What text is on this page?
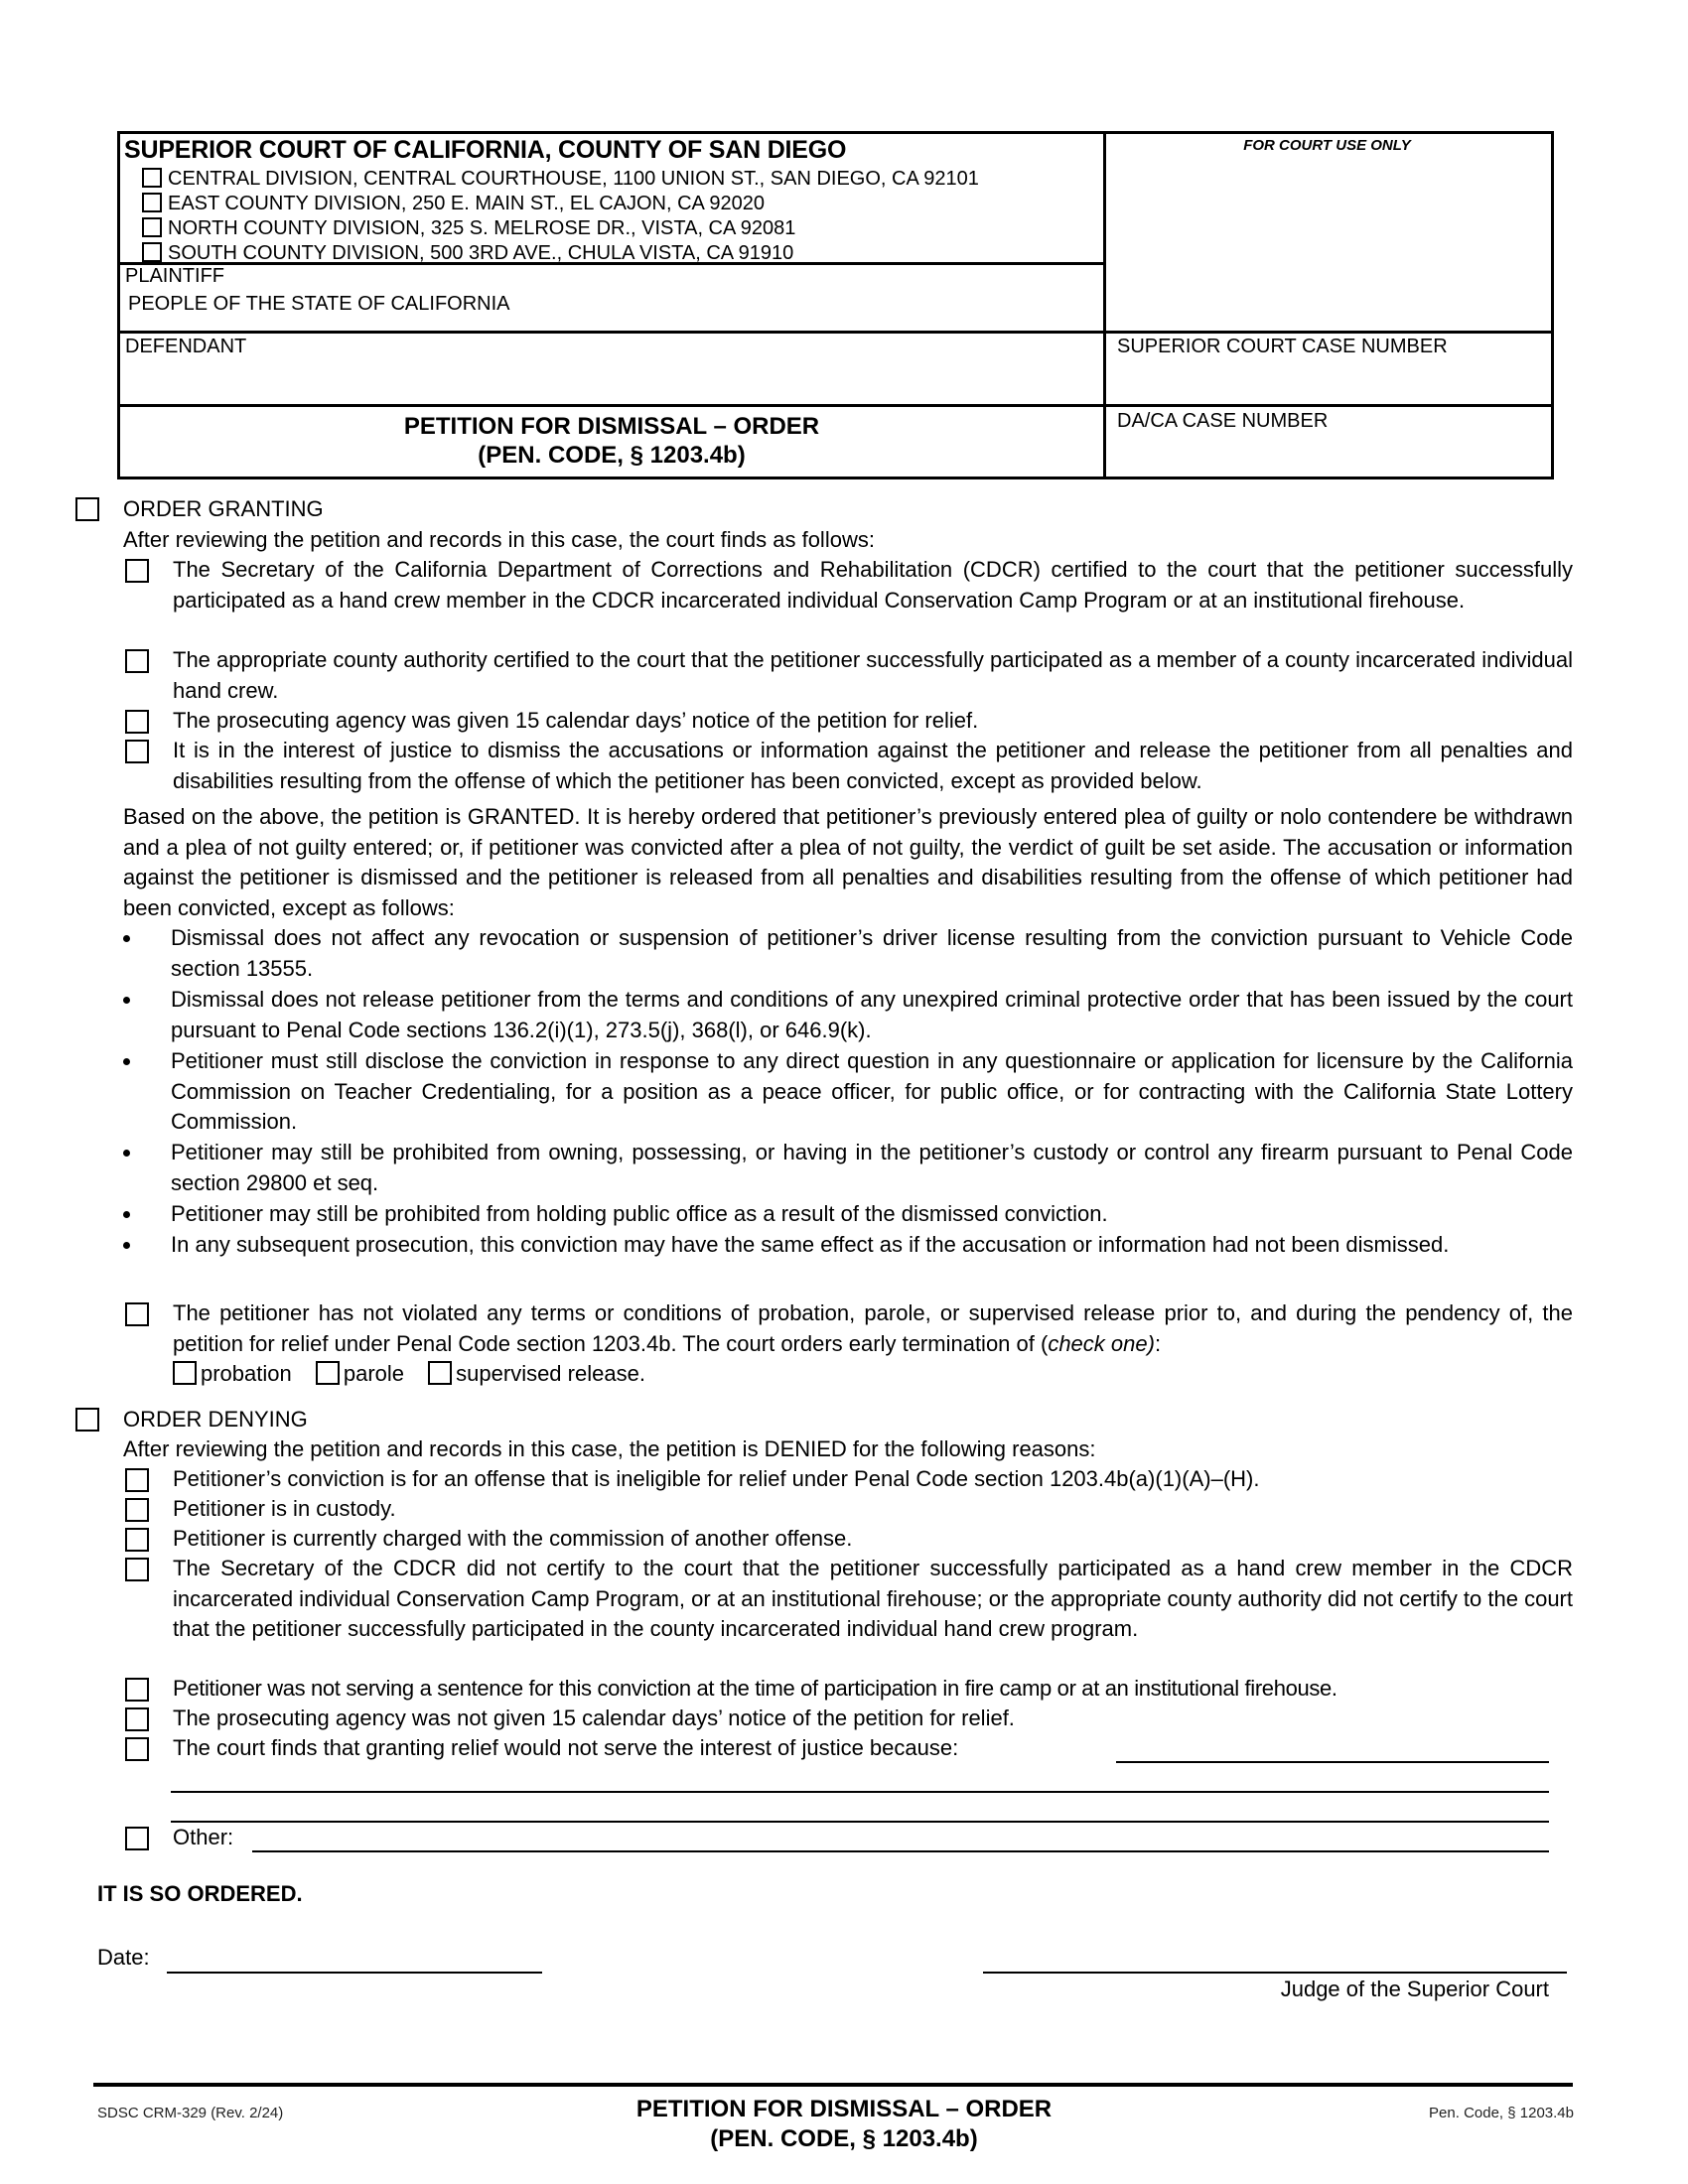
SUPERIOR COURT OF CALIFORNIA, COUNTY OF SAN DIEGO
CENTRAL DIVISION, CENTRAL COURTHOUSE, 1100 UNION ST., SAN DIEGO, CA 92101
EAST COUNTY DIVISION, 250 E. MAIN ST., EL CAJON, CA 92020
NORTH COUNTY DIVISION, 325 S. MELROSE DR., VISTA, CA 92081
SOUTH COUNTY DIVISION, 500 3RD AVE., CHULA VISTA, CA 91910
PLAINTIFF
PEOPLE OF THE STATE OF CALIFORNIA
DEFENDANT
PETITION FOR DISMISSAL – ORDER
(PEN. CODE, § 1203.4b)
FOR COURT USE ONLY
SUPERIOR COURT CASE NUMBER
DA/CA CASE NUMBER
ORDER GRANTING
After reviewing the petition and records in this case, the court finds as follows:
The Secretary of the California Department of Corrections and Rehabilitation (CDCR) certified to the court that the petitioner successfully participated as a hand crew member in the CDCR incarcerated individual Conservation Camp Program or at an institutional firehouse.
The appropriate county authority certified to the court that the petitioner successfully participated as a member of a county incarcerated individual hand crew.
The prosecuting agency was given 15 calendar days’ notice of the petition for relief.
It is in the interest of justice to dismiss the accusations or information against the petitioner and release the petitioner from all penalties and disabilities resulting from the offense of which the petitioner has been convicted, except as provided below.
Based on the above, the petition is GRANTED. It is hereby ordered that petitioner’s previously entered plea of guilty or nolo contendere be withdrawn and a plea of not guilty entered; or, if petitioner was convicted after a plea of not guilty, the verdict of guilt be set aside. The accusation or information against the petitioner is dismissed and the petitioner is released from all penalties and disabilities resulting from the offense of which petitioner had been convicted, except as follows:
Dismissal does not affect any revocation or suspension of petitioner’s driver license resulting from the conviction pursuant to Vehicle Code section 13555.
Dismissal does not release petitioner from the terms and conditions of any unexpired criminal protective order that has been issued by the court pursuant to Penal Code sections 136.2(i)(1), 273.5(j), 368(l), or 646.9(k).
Petitioner must still disclose the conviction in response to any direct question in any questionnaire or application for licensure by the California Commission on Teacher Credentialing, for a position as a peace officer, for public office, or for contracting with the California State Lottery Commission.
Petitioner may still be prohibited from owning, possessing, or having in the petitioner’s custody or control any firearm pursuant to Penal Code section 29800 et seq.
Petitioner may still be prohibited from holding public office as a result of the dismissed conviction.
In any subsequent prosecution, this conviction may have the same effect as if the accusation or information had not been dismissed.
The petitioner has not violated any terms or conditions of probation, parole, or supervised release prior to, and during the pendency of, the petition for relief under Penal Code section 1203.4b. The court orders early termination of (check one):
probation parole supervised release.
ORDER DENYING
After reviewing the petition and records in this case, the petition is DENIED for the following reasons:
Petitioner’s conviction is for an offense that is ineligible for relief under Penal Code section 1203.4b(a)(1)(A)–(H).
Petitioner is in custody.
Petitioner is currently charged with the commission of another offense.
The Secretary of the CDCR did not certify to the court that the petitioner successfully participated as a hand crew member in the CDCR incarcerated individual Conservation Camp Program, or at an institutional firehouse; or the appropriate county authority did not certify to the court that the petitioner successfully participated in the county incarcerated individual hand crew program.
Petitioner was not serving a sentence for this conviction at the time of participation in fire camp or at an institutional firehouse.
The prosecuting agency was not given 15 calendar days’ notice of the petition for relief.
The court finds that granting relief would not serve the interest of justice because:
Other:
IT IS SO ORDERED.
Date:
Judge of the Superior Court
SDSC CRM-329 (Rev. 2/24)	PETITION FOR DISMISSAL – ORDER
(PEN. CODE, § 1203.4b)
Pen. Code, § 1203.4b
